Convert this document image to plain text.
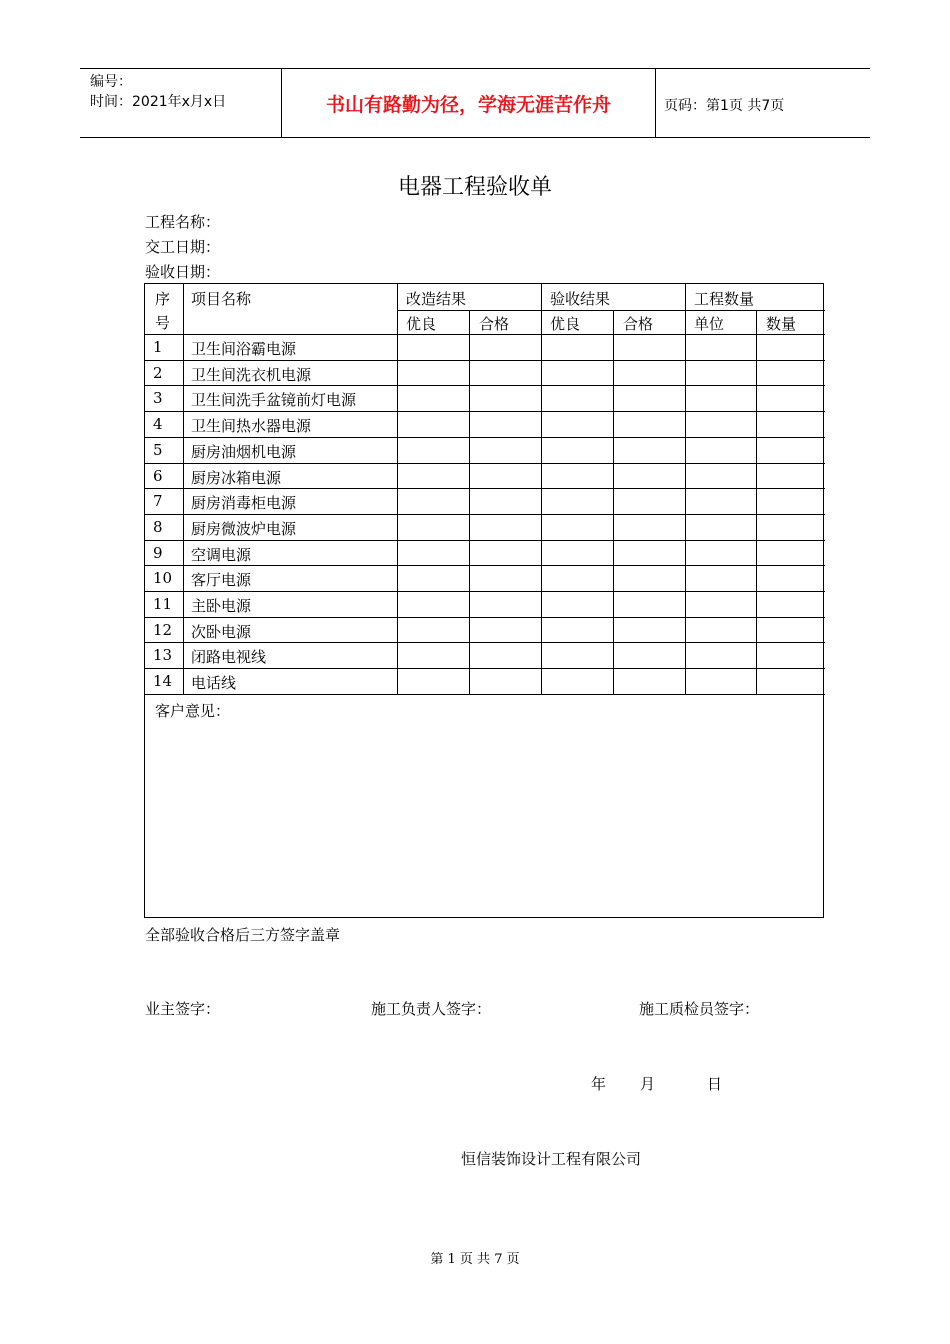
编号：
时间：2021年x月x日	书山有路勤为径，学海无涯苦作舟	页码：第1页 共7页
电器工程验收单
工程名称：
交工日期：
验收日期：
序
号
项目名称	改造结果	验收结果	工程数量
优良	合格	优良	合格	单位	数量
1 卫生间浴霸电源
2 卫生间洗衣机电源
3 卫生间洗手盆镜前灯电源
4 卫生间热水器电源
5 厨房油烟机电源
6 厨房冰箱电源
7 厨房消毒柜电源
8 厨房微波炉电源
9 空调电源
10 客厅电源
11 主卧电源
12 次卧电源
13 闭路电视线
14 电话线
客户意见：
全部验收合格后三方签字盖章
业主签字：	施工负责人签字：	施工质检员签字：
年 月	日
恒信装饰设计工程有限公司
第 1 页 共 7 页
